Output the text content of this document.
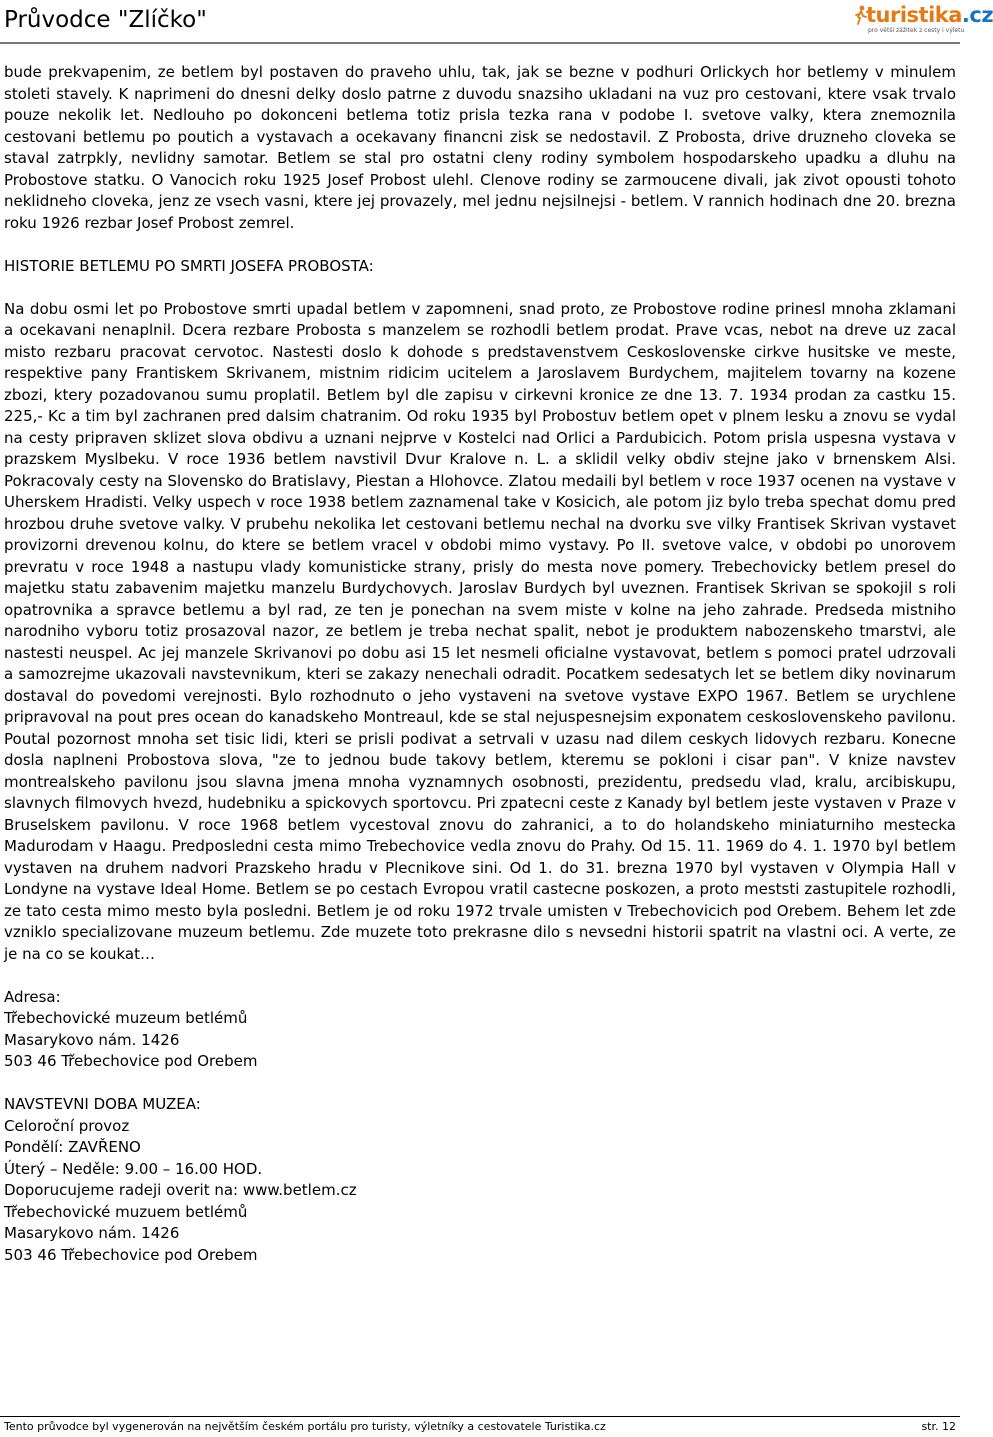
Průvodce "Zlíčko"	turistika.cz
pro větší zážitek z cesty i výletu

bude prekvapenim, ze betlem byl postaven do praveho uhlu, tak, jak se bezne v podhuri Orlickych hor betlemy v minulem stoleti stavely. K naprimeni do dnesni delky doslo patrne z duvodu snazsiho ukladani na vuz pro cestovani, ktere vsak trvalo pouze nekolik let. Nedlouho po dokonceni betlema totiz prisla tezka rana v podobe I. svetove valky, ktera znemoznila cestovani betlemu po poutich a vystavach a ocekavany financni zisk se nedostavil. Z Probosta, drive druzneho cloveka se staval zatrpkly, nevlidny samotar. Betlem se stal pro ostatni cleny rodiny symbolem hospodarskeho upadku a dluhu na Probostove statku. O Vanocich roku 1925 Josef Probost ulehl. Clenove rodiny se zarmoucene divali, jak zivot opousti tohoto neklidneho cloveka, jenz ze vsech vasni, ktere jej provazely, mel jednu nejsilnejsi - betlem. V rannich hodinach dne 20. brezna roku 1926 rezbar Josef Probost zemrel.

HISTORIE BETLEMU PO SMRTI JOSEFA PROBOSTA:

Na dobu osmi let po Probostove smrti upadal betlem v zapomneni, snad proto, ze Probostove rodine prinesl mnoha zklamani a ocekavani nenaplnil. Dcera rezbare Probosta s manzelem se rozhodli betlem prodat. Prave vcas, nebot na dreve uz zacal misto rezbaru pracovat cervotoc. Nastesti doslo k dohode s predstavenstvem Ceskoslovenske cirkve husitske ve meste, respektive pany Frantiskem Skrivanem, mistnim ridicim ucitelem a Jaroslavem Burdychem, majitelem tovarny na kozene zbozi, ktery pozadovanou sumu proplatil. Betlem byl dle zapisu v cirkevni kronice ze dne 13. 7. 1934 prodan za castku 15. 225,- Kc a tim byl zachranen pred dalsim chatranim. Od roku 1935 byl Probostuv betlem opet v plnem lesku a znovu se vydal na cesty pripraven sklizet slova obdivu a uznani nejprve v Kostelci nad Orlici a Pardubicich. Potom prisla uspesna vystava v prazskem Myslbeku. V roce 1936 betlem navstivil Dvur Kralove n. L. a sklidil velky obdiv stejne jako v brnenskem Alsi. Pokracovaly cesty na Slovensko do Bratislavy, Piestan a Hlohovce. Zlatou medaili byl betlem v roce 1937 ocenen na vystave v Uherskem Hradisti. Velky uspech v roce 1938 betlem zaznamenal take v Kosicich, ale potom jiz bylo treba spechat domu pred hrozbou druhe svetove valky. V prubehu nekolika let cestovani betlemu nechal na dvorku sve vilky Frantisek Skrivan vystavet provizorni drevenou kolnu, do ktere se betlem vracel v obdobi mimo vystavy. Po II. svetove valce, v obdobi po unorovem prevratu v roce 1948 a nastupu vlady komunisticke strany, prisly do mesta nove pomery. Trebechovicky betlem presel do majetku statu zabavenim majetku manzelu Burdychovych. Jaroslav Burdych byl uveznen. Frantisek Skrivan se spokojil s roli opatrovnika a spravce betlemu a byl rad, ze ten je ponechan na svem miste v kolne na jeho zahrade. Predseda mistniho narodniho vyboru totiz prosazoval nazor, ze betlem je treba nechat spalit, nebot je produktem nabozenskeho tmarstvi, ale nastesti neuspel. Ac jej manzele Skrivanovi po dobu asi 15 let nesmeli oficialne vystavovat, betlem s pomoci pratel udrzovali a samozrejme ukazovali navstevnikum, kteri se zakazy nenechali odradit. Pocatkem sedesatych let se betlem diky novinarum dostaval do povedomi verejnosti. Bylo rozhodnuto o jeho vystaveni na svetove vystave EXPO 1967. Betlem se urychlene pripravoval na pout pres ocean do kanadskeho Montreaul, kde se stal nejuspesnejsim exponatem ceskoslovenskeho pavilonu. Poutal pozornost mnoha set tisic lidi, kteri se prisli podivat a setrvali v uzasu nad dilem ceskych lidovych rezbaru. Konecne dosla naplneni Probostova slova, "ze to jednou bude takovy betlem, kteremu se pokloni i cisar pan". V knize navstev montrealskeho pavilonu jsou slavna jmena mnoha vyznamnych osobnosti, prezidentu, predsedu vlad, kralu, arcibiskupu, slavnych filmovych hvezd, hudebniku a spickovych sportovcu. Pri zpatecni ceste z Kanady byl betlem jeste vystaven v Praze v Bruselskem pavilonu. V roce 1968 betlem vycestoval znovu do zahranici, a to do holandskeho miniaturniho mestecka Madurodam v Haagu. Predposledni cesta mimo Trebechovice vedla znovu do Prahy. Od 15. 11. 1969 do 4. 1. 1970 byl betlem vystaven na druhem nadvori Prazskeho hradu v Plecnikove sini. Od 1. do 31. brezna 1970 byl vystaven v Olympia Hall v Londyne na vystave Ideal Home. Betlem se po cestach Evropou vratil castecne poskozen, a proto meststi zastupitele rozhodli, ze tato cesta mimo mesto byla posledni. Betlem je od roku 1972 trvale umisten v Trebechovicich pod Orebem. Behem let zde vzniklo specializovane muzeum betlemu. Zde muzete toto prekrasne dilo s nevsedni historii spatrit na vlastni oci. A verte, ze je na co se koukat…

Adresa:

Třebechovické muzeum betlémů

Masarykovo nám. 1426

503 46 Třebechovice pod Orebem

NAVSTEVNI DOBA MUZEA:

Celoroční provoz

Pondělí: ZAVŘENO

Úterý – Neděle: 9.00 – 16.00 HOD.

Doporucujeme radeji overit na: www.betlem.cz

Třebechovické muzuem betlémů

Masarykovo nám. 1426

503 46 Třebechovice pod Orebem

Tento průvodce byl vygenerován na největším českém portálu pro turisty, výletníky a cestovatele Turistika.cz	str. 12
